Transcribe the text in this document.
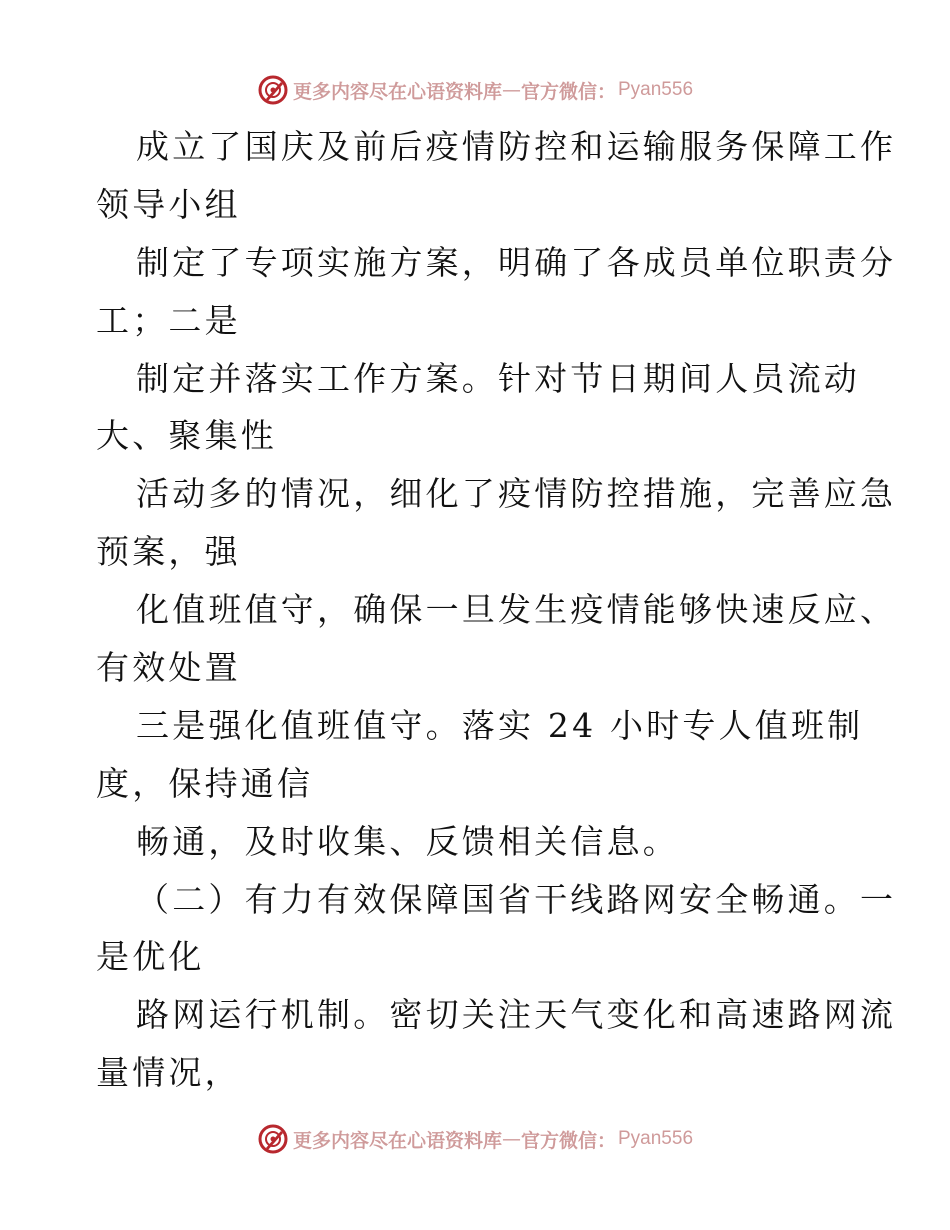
更多内容尽在心语资料库 — 官方微信： Pyan556
成立了国庆及前后疫情防控和运输服务保障工作
领导小组
制定了专项实施方案，明确了各成员单位职责分
工；二是
制定并落实工作方案。针对节日期间人员流动
大、聚集性
活动多的情况，细化了疫情防控措施，完善应急
预案，强
化值班值守，确保一旦发生疫情能够快速反应、
有效处置
三是强化值班值守。落实 24 小时专人值班制
度，保持通信
畅通，及时收集、反馈相关信息。
（二）有力有效保障国省干线路网安全畅通。一
是优化
路网运行机制。密切关注天气变化和高速路网流
量情况，
更多内容尽在心语资料库 — 官方微信： Pyan556
